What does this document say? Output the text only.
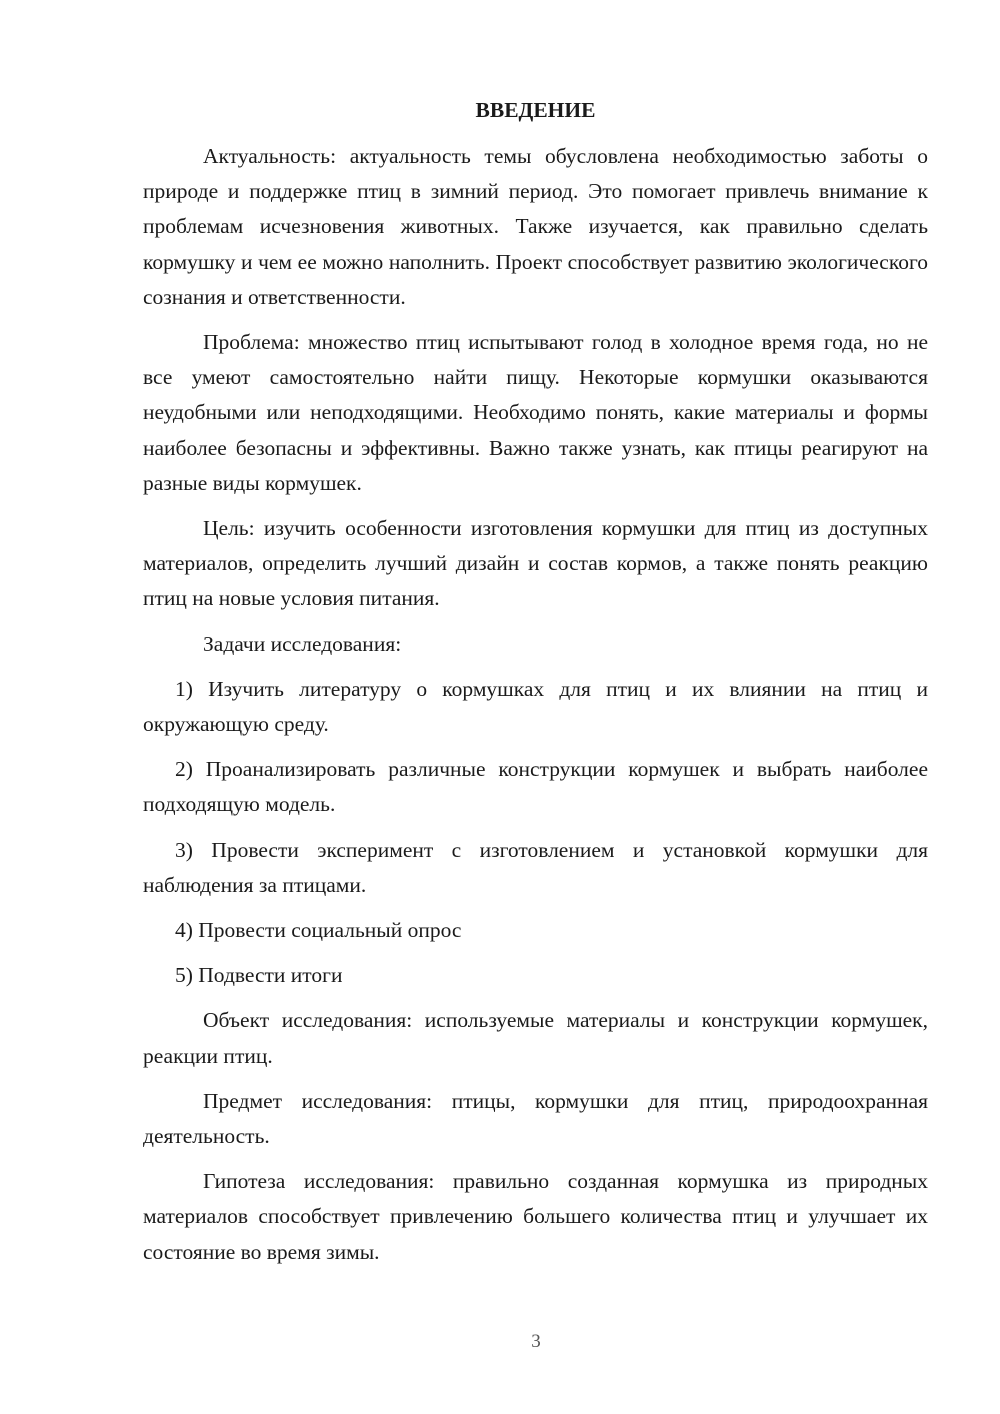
ВВЕДЕНИЕ

Актуальность: актуальность темы обусловлена необходимостью заботы о природе и поддержке птиц в зимний период. Это помогает привлечь внимание к проблемам исчезновения животных. Также изучается, как правильно сделать кормушку и чем ее можно наполнить. Проект способствует развитию экологического сознания и ответственности.

Проблема: множество птиц испытывают голод в холодное время года, но не все умеют самостоятельно найти пищу. Некоторые кормушки оказываются неудобными или неподходящими. Необходимо понять, какие материалы и формы наиболее безопасны и эффективны. Важно также узнать, как птицы реагируют на разные виды кормушек.

Цель: изучить особенности изготовления кормушки для птиц из доступных материалов, определить лучший дизайн и состав кормов, а также понять реакцию птиц на новые условия питания.

Задачи исследования:

1) Изучить литературу о кормушках для птиц и их влиянии на птиц и окружающую среду.

2) Проанализировать различные конструкции кормушек и выбрать наиболее подходящую модель.

3) Провести эксперимент с изготовлением и установкой кормушки для наблюдения за птицами.

4) Провести социальный опрос

5) Подвести итоги

Объект исследования: используемые материалы и конструкции кормушек, реакции птиц.

Предмет исследования: птицы, кормушки для птиц, природоохранная деятельность.

Гипотеза исследования: правильно созданная кормушка из природных материалов способствует привлечению большего количества птиц и улучшает их состояние во время зимы.

3
